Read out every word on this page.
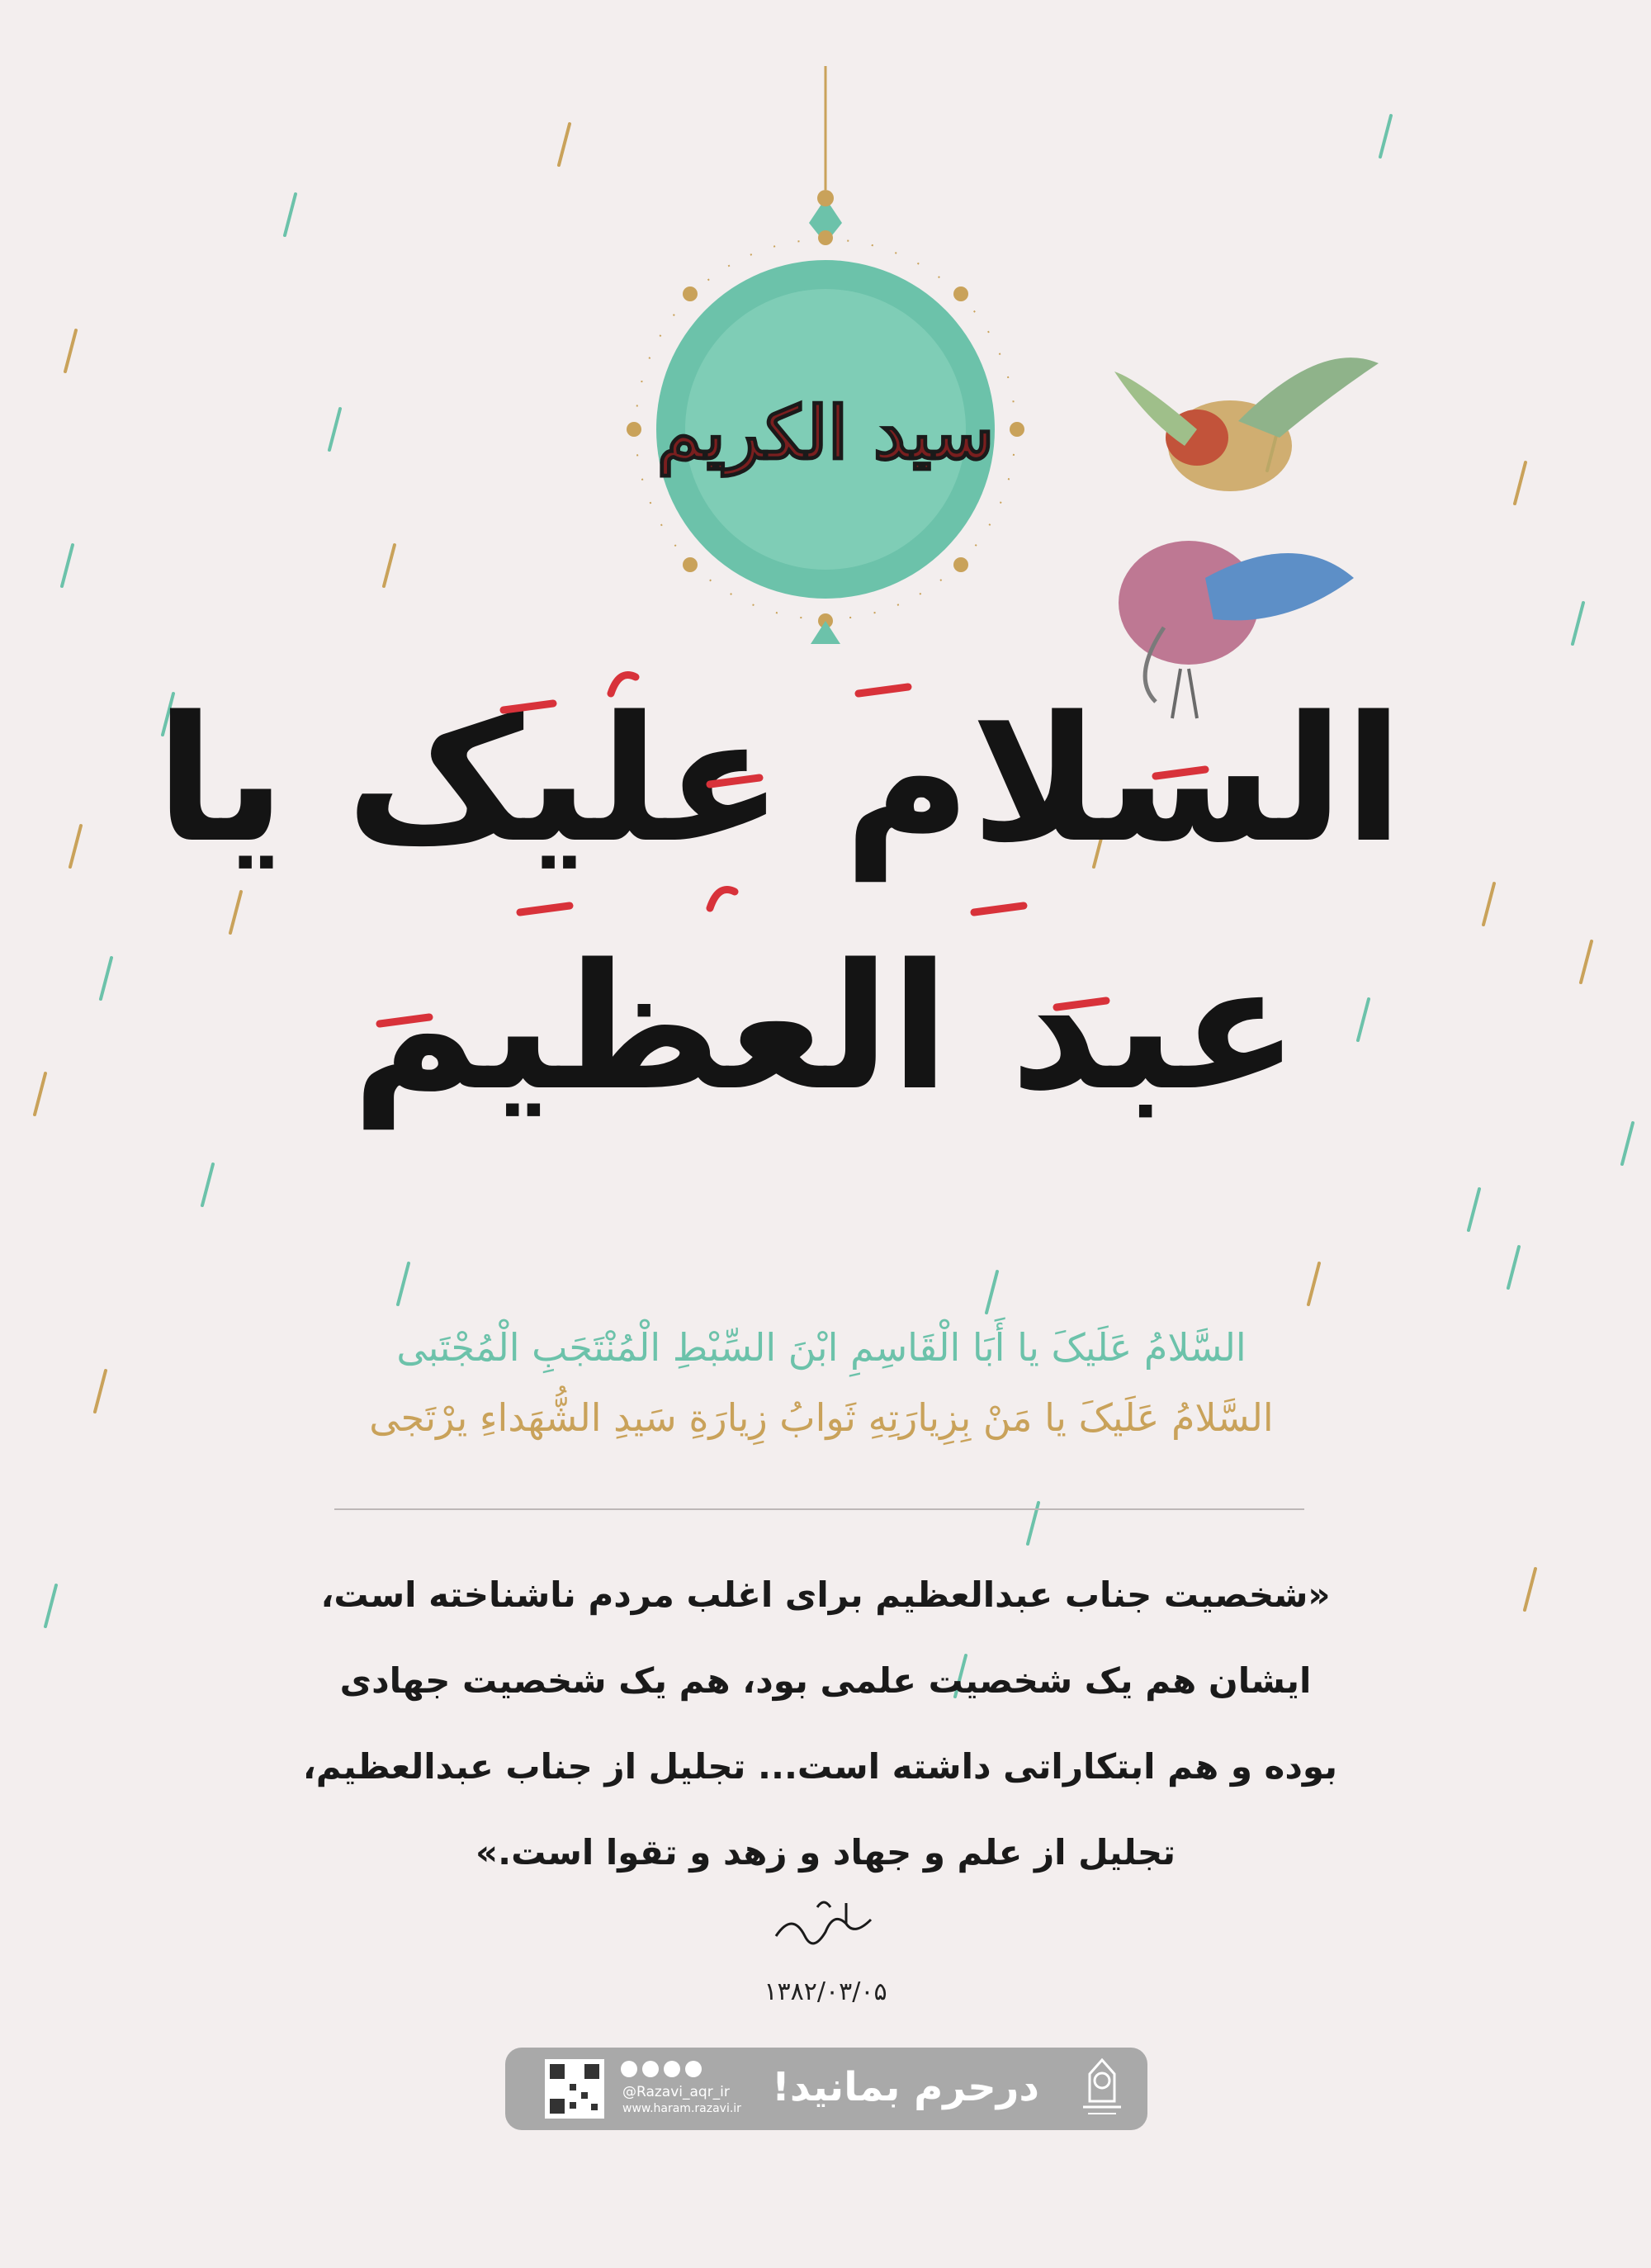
سید الکریم
السلام علیک یا
عبد العظیم
السَّلامُ عَلَیکَ یا أَبَا الْقَاسِمِ ابْنَ السِّبْطِ الْمُنْتَجَبِ الْمُجْتَبی
السَّلامُ عَلَیکَ یا مَنْ بِزِیارَتِهِ ثَوابُ زِیارَةِ سَیدِ الشُّهَداءِ یرْتَجی
«شخصیت جناب عبدالعظیم برای اغلب مردم ناشناخته است،
ایشان هم یک شخصیت علمی بود، هم یک شخصیت جهادی
بوده و هم ابتکاراتی داشته است... تجلیل از جناب عبدالعظیم،
تجلیل از علم و جهاد و زهد و تقوا است.»
۱۳۸۲/۰۳/۰۵
@Razavi_aqr_ir
www.haram.razavi.ir درحرم بمانید!
